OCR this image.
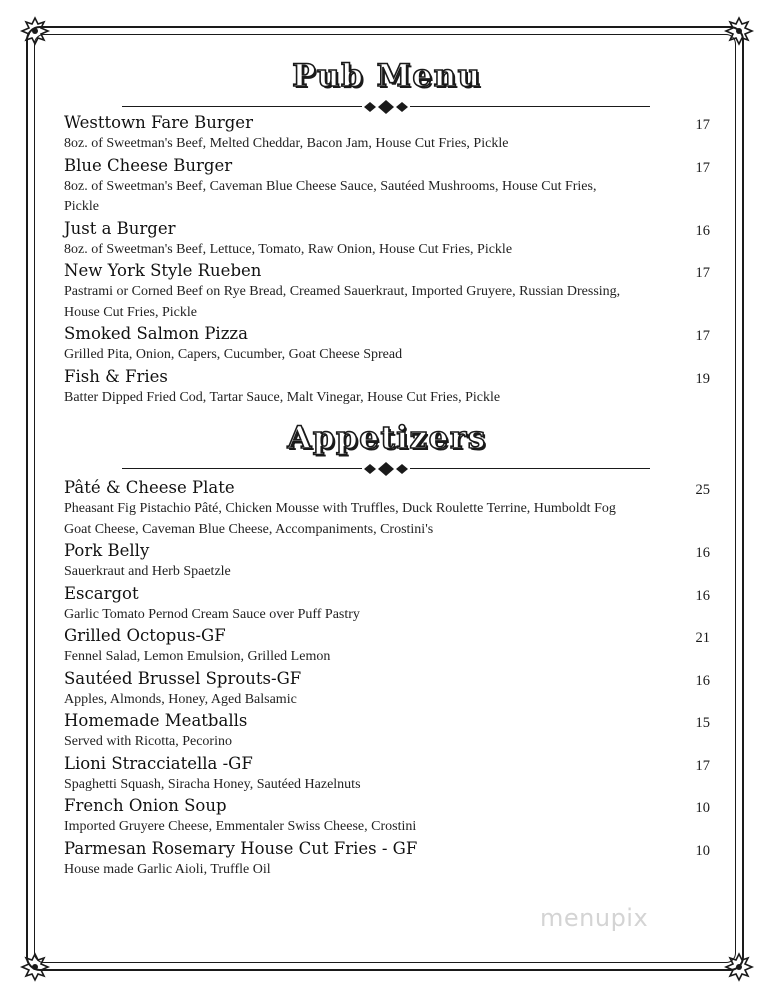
Pub Menu
Westtown Fare Burger
8oz. of Sweetman's Beef, Melted Cheddar, Bacon Jam, House Cut Fries, Pickle
17
Blue Cheese Burger
8oz. of Sweetman's Beef, Caveman Blue Cheese Sauce, Sautéed Mushrooms, House Cut Fries, Pickle
17
Just a Burger
8oz. of Sweetman's Beef, Lettuce, Tomato, Raw Onion, House Cut Fries, Pickle
16
New York Style Rueben
Pastrami or Corned Beef on Rye Bread, Creamed Sauerkraut, Imported Gruyere, Russian Dressing, House Cut Fries, Pickle
17
Smoked Salmon Pizza
Grilled Pita, Onion, Capers, Cucumber, Goat Cheese Spread
17
Fish & Fries
Batter Dipped Fried Cod, Tartar Sauce, Malt Vinegar, House Cut Fries, Pickle
19
Appetizers
Pâté & Cheese Plate
Pheasant Fig Pistachio Pâté, Chicken Mousse with Truffles, Duck Roulette Terrine, Humboldt Fog Goat Cheese, Caveman Blue Cheese, Accompaniments, Crostini's
25
Pork Belly
Sauerkraut and Herb Spaetzle
16
Escargot
Garlic Tomato Pernod Cream Sauce over Puff Pastry
16
Grilled Octopus-GF
Fennel Salad, Lemon Emulsion, Grilled Lemon
21
Sautéed Brussel Sprouts-GF
Apples, Almonds, Honey, Aged Balsamic
16
Homemade Meatballs
Served with Ricotta, Pecorino
15
Lioni Stracciatella -GF
Spaghetti Squash, Siracha Honey, Sautéed Hazelnuts
17
French Onion Soup
Imported Gruyere Cheese, Emmentaler Swiss Cheese, Crostini
10
Parmesan Rosemary House Cut Fries - GF
House made Garlic Aioli, Truffle Oil
10
menupix
